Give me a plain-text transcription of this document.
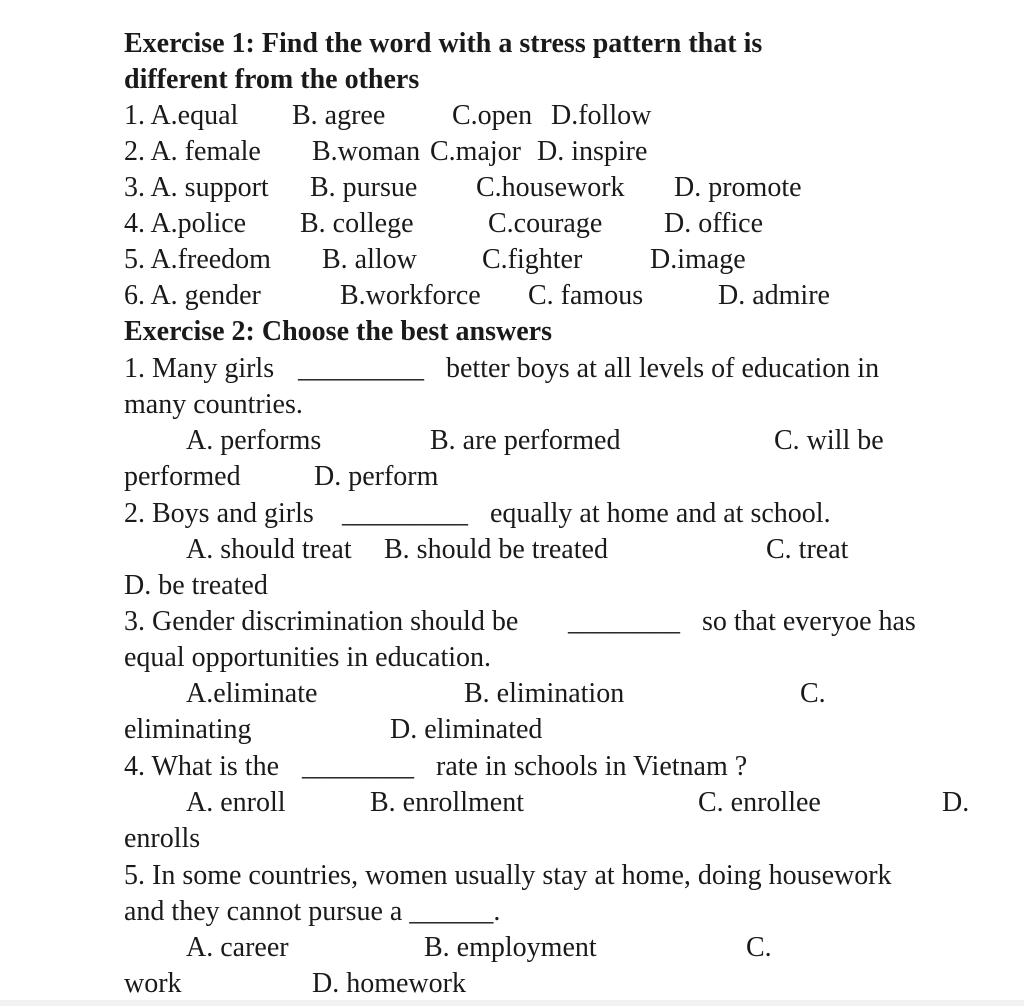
Exercise 1: Find the word with a stress pattern that is
different from the others
1. A.equal B. agree C.open D.follow
2. A. female B.woman C.major D. inspire
3. A. support B. pursue C.housework D. promote
4. A.police B. college	C.courage D. office
5. A.freedom B. allow C.fighter D.image
6. A. gender	B.workforce C. famous	D. admire
Exercise 2: Choose the best answers
1. Many girls _________ better boys at all levels of education in
many countries.
A. performs	B. are performed	C. will be
performed	D. perform
2. Boys and girls _________ equally at home and at school.
A. should treat B. should be treated	C. treat
D. be treated
3. Gender discrimination should be ________ so that everyoe has
equal opportunities in education.
A.eliminate	B. elimination	C.
eliminating	D. eliminated
4. What is the ________ rate in schools in Vietnam ?
A. enroll	B. enrollment	C. enrollee	D.
enrolls
5. In some countries, women usually stay at home, doing housework
and they cannot pursue a ______.
A. career	B. employment	C.
work	D. homework
